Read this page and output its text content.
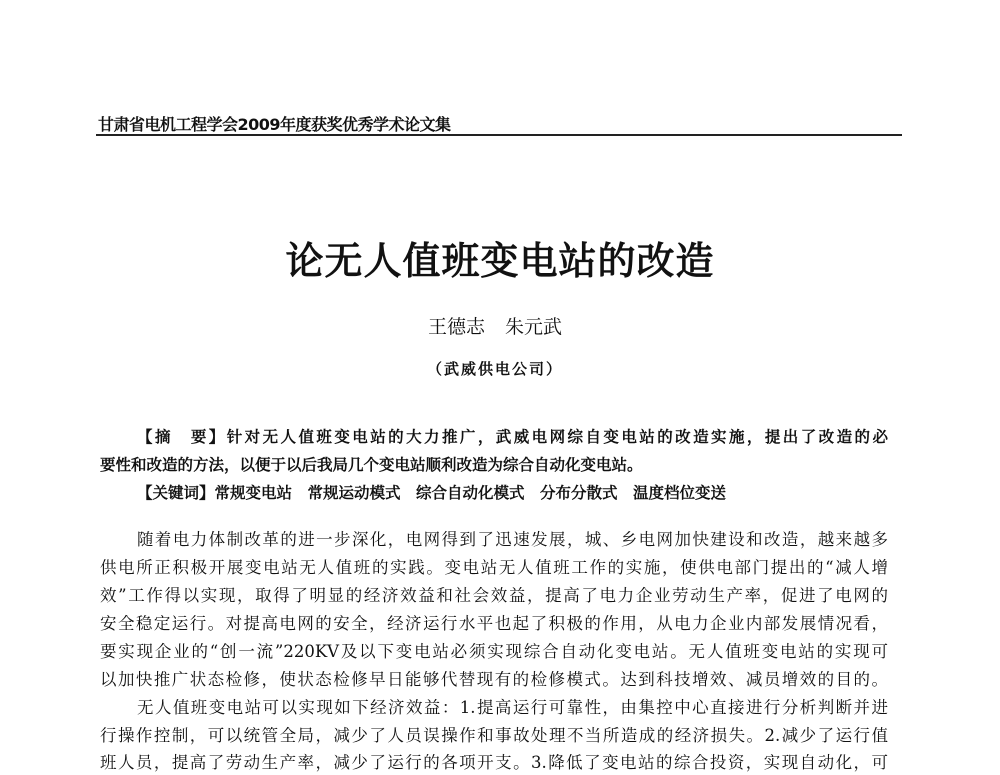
甘肃省电机工程学会2009年度获奖优秀学术论文集
论无人值班变电站的改造
王德志 朱元武
（武威供电公司）
【摘　要】针对无人值班变电站的大力推广，武威电网综自变电站的改造实施，提出了改造的必
要性和改造的方法，以便于以后我局几个变电站顺利改造为综合自动化变电站。
【关键词】常规变电站　常规运动模式　综合自动化模式　分布分散式　温度档位变送
随着电力体制改革的进一步深化，电网得到了迅速发展，城、乡电网加快建设和改造，越来越多
供电所正积极开展变电站无人值班的实践。变电站无人值班工作的实施，使供电部门提出的“减人增
效”工作得以实现，取得了明显的经济效益和社会效益，提高了电力企业劳动生产率，促进了电网的
安全稳定运行。对提高电网的安全，经济运行水平也起了积极的作用，从电力企业内部发展情况看，
要实现企业的“创一流”220KV及以下变电站必须实现综合自动化变电站。无人值班变电站的实现可
以加快推广状态检修，使状态检修早日能够代替现有的检修模式。达到科技增效、减员增效的目的。
无人值班变电站可以实现如下经济效益：1.提高运行可靠性，由集控中心直接进行分析判断并进
行操作控制，可以统管全局，减少了人员误操作和事故处理不当所造成的经济损失。2.减少了运行值
班人员，提高了劳动生产率，减少了运行的各项开支。3.降低了变电站的综合投资，实现自动化，可
